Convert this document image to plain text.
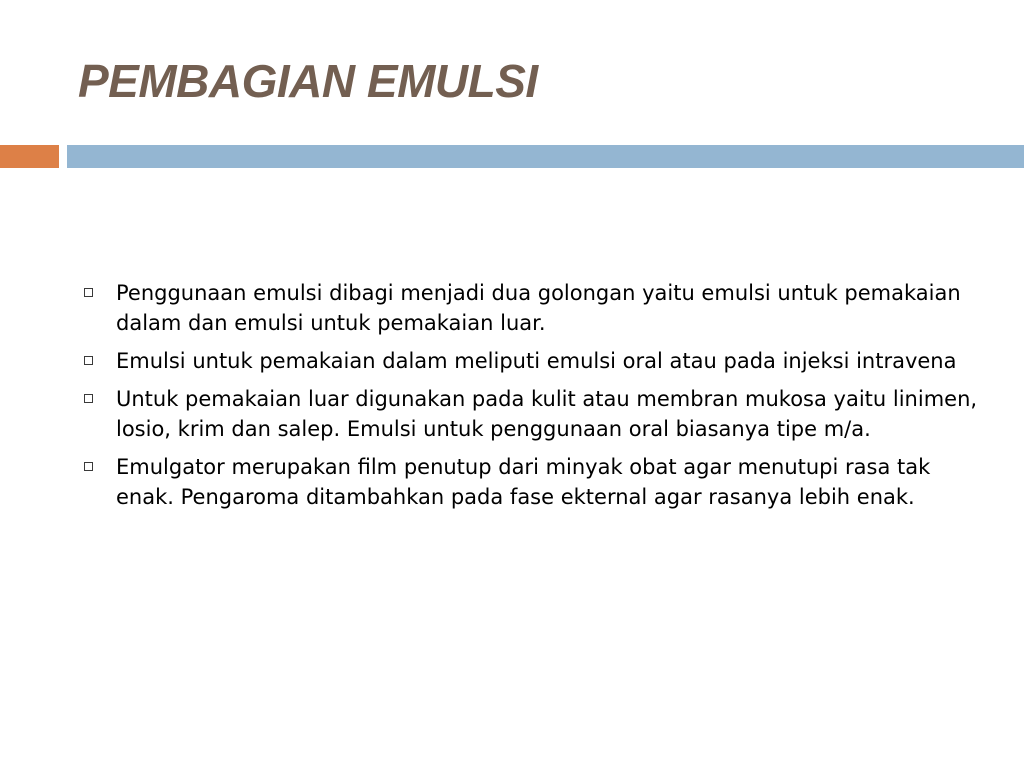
PEMBAGIAN EMULSI
Penggunaan emulsi dibagi menjadi dua golongan yaitu emulsi untuk pemakaian dalam dan emulsi untuk pemakaian luar.
Emulsi untuk pemakaian dalam meliputi emulsi oral atau pada injeksi intravena
Untuk pemakaian luar digunakan pada kulit atau membran mukosa yaitu linimen, losio, krim dan salep. Emulsi untuk penggunaan oral biasanya tipe m/a.
Emulgator merupakan film penutup dari minyak obat agar menutupi rasa tak enak. Pengaroma ditambahkan pada fase ekternal agar rasanya lebih enak.
